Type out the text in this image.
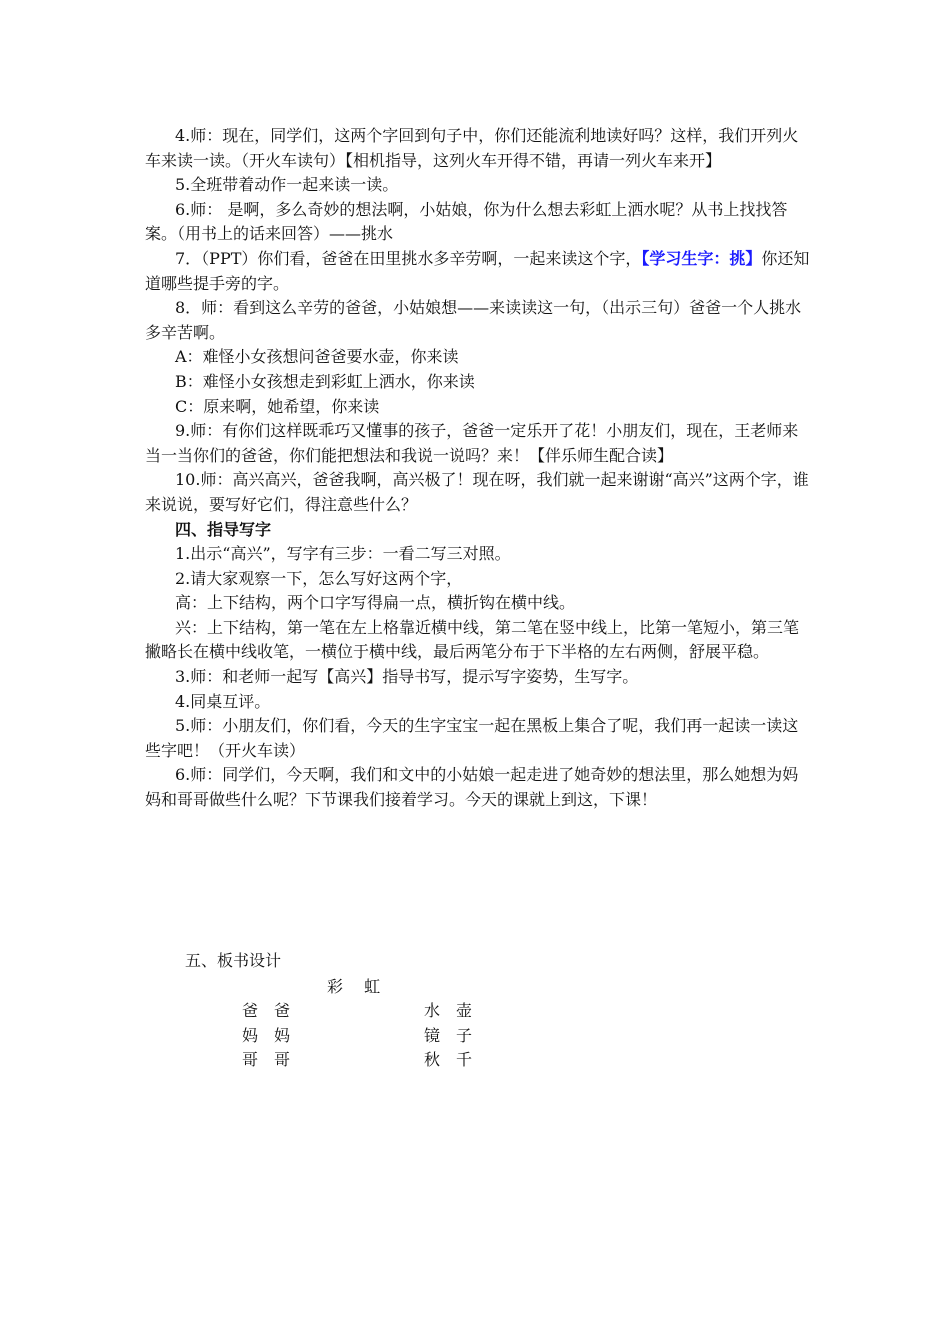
4.师：现在，同学们，这两个字回到句子中，你们还能流利地读好吗？这样，我们开列火车来读一读。（开火车读句）【相机指导，这列火车开得不错，再请一列火车来开】

5.全班带着动作一起来读一读。

6.师： 是啊，多么奇妙的想法啊，小姑娘，你为什么想去彩虹上洒水呢？从书上找找答案。（用书上的话来回答）——挑水

7．（PPT）你们看，爸爸在田里挑水多辛劳啊，一起来读这个字，【学习生字：挑】你还知道哪些提手旁的字。

8．师：看到这么辛劳的爸爸，小姑娘想——来读读这一句，（出示三句）爸爸一个人挑水多辛苦啊。

A：难怪小女孩想问爸爸要水壶，你来读

B：难怪小女孩想走到彩虹上洒水，你来读

C：原来啊，她希望，你来读

9.师：有你们这样既乖巧又懂事的孩子，爸爸一定乐开了花！小朋友们，现在，王老师来当一当你们的爸爸，你们能把想法和我说一说吗？来！【伴乐师生配合读】

10.师：高兴高兴，爸爸我啊，高兴极了！现在呀，我们就一起来谢谢“高兴”这两个字，谁来说说，要写好它们，得注意些什么？

四、指导写字

1.出示“高兴”，写字有三步：一看二写三对照。

2.请大家观察一下，怎么写好这两个字，

高：上下结构，两个口字写得扁一点，横折钩在横中线。

兴：上下结构，第一笔在左上格靠近横中线，第二笔在竖中线上，比第一笔短小，第三笔撇略长在横中线收笔，一横位于横中线，最后两笔分布于下半格的左右两侧，舒展平稳。

3.师：和老师一起写【高兴】指导书写，提示写字姿势，生写字。

4.同桌互评。

5.师：小朋友们，你们看，今天的生字宝宝一起在黑板上集合了呢，我们再一起读一读这些字吧！（开火车读）

6.师：同学们，今天啊，我们和文中的小姑娘一起走进了她奇妙的想法里，那么她想为妈妈和哥哥做些什么呢？下节课我们接着学习。今天的课就上到这，下课！

五、板书设计
彩　 虹
爸　爸	水　壶
妈　妈	镜　子
哥　哥	秋　千
